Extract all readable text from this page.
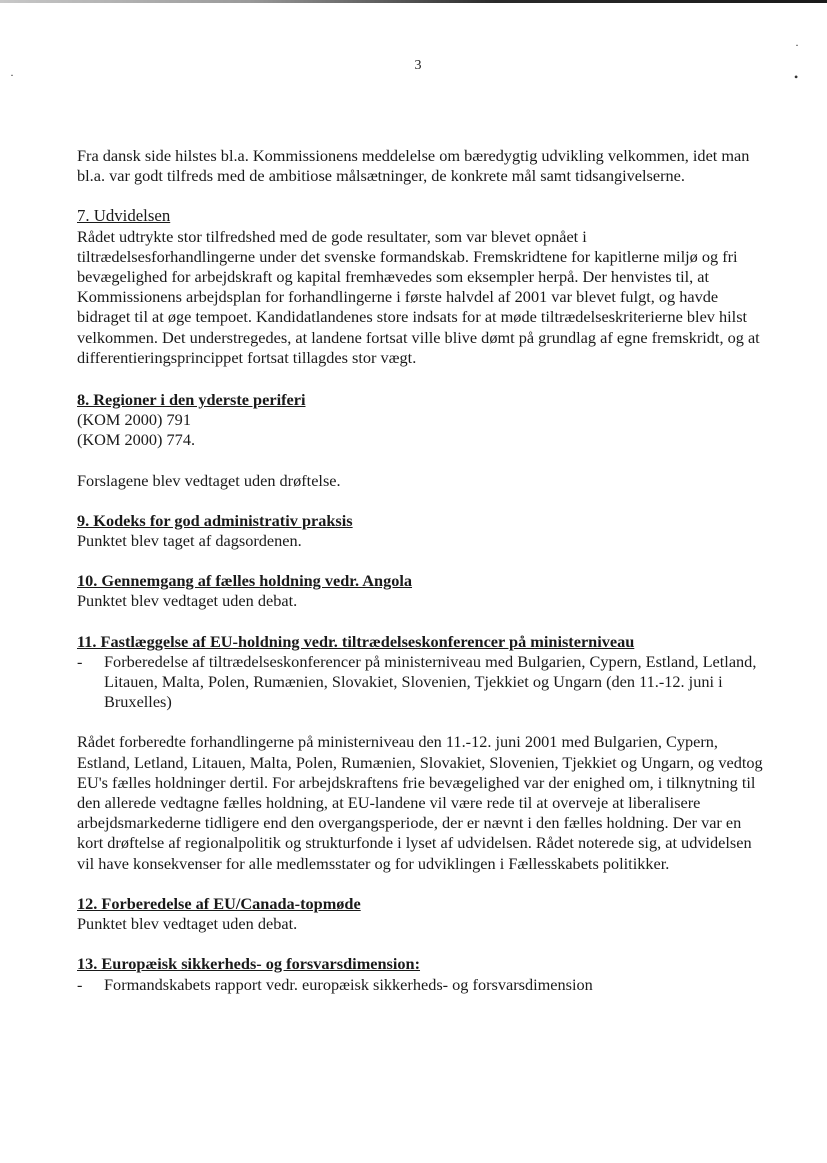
·
•
·
3

Fra dansk side hilstes bl.a. Kommissionens meddelelse om bæredygtig udvikling velkommen, idet man bl.a. var godt tilfreds med de ambitiose målsætninger, de konkrete mål samt tidsangivelserne.

7. Udvidelsen

Rådet udtrykte stor tilfredshed med de gode resultater, som var blevet opnået i tiltrædelsesforhandlingerne under det svenske formandskab. Fremskridtene for kapitlerne miljø og fri bevægelighed for arbejdskraft og kapital fremhævedes som eksempler herpå. Der henvistes til, at Kommissionens arbejdsplan for forhandlingerne i første halvdel af 2001 var blevet fulgt, og havde bidraget til at øge tempoet. Kandidatlandenes store indsats for at møde tiltrædelseskriterierne blev hilst velkommen. Det understregedes, at landene fortsat ville blive dømt på grundlag af egne fremskridt, og at differentieringsprincippet fortsat tillagdes stor vægt.

8. Regioner i den yderste periferi

(KOM 2000) 791

(KOM 2000) 774.

Forslagene blev vedtaget uden drøftelse.

9. Kodeks for god administrativ praksis

Punktet blev taget af dagsordenen.

10. Gennemgang af fælles holdning vedr. Angola

Punktet blev vedtaget uden debat.

11. Fastlæggelse af EU-holdning vedr. tiltrædelseskonferencer på ministerniveau

-	Forberedelse af tiltrædelseskonferencer på ministerniveau med Bulgarien, Cypern, Estland, Letland, Litauen, Malta, Polen, Rumænien, Slovakiet, Slovenien, Tjekkiet og Ungarn (den 11.-12. juni i Bruxelles)

Rådet forberedte forhandlingerne på ministerniveau den 11.-12. juni 2001 med Bulgarien, Cypern, Estland, Letland, Litauen, Malta, Polen, Rumænien, Slovakiet, Slovenien, Tjekkiet og Ungarn, og vedtog EU's fælles holdninger dertil. For arbejdskraftens frie bevægelighed var der enighed om, i tilknytning til den allerede vedtagne fælles holdning, at EU-landene vil være rede til at overveje at liberalisere arbejdsmarkederne tidligere end den overgangsperiode, der er nævnt i den fælles holdning. Der var en kort drøftelse af regionalpolitik og strukturfonde i lyset af udvidelsen. Rådet noterede sig, at udvidelsen vil have konsekvenser for alle medlemsstater og for udviklingen i Fællesskabets politikker.

12. Forberedelse af EU/Canada-topmøde

Punktet blev vedtaget uden debat.

13. Europæisk sikkerheds- og forsvarsdimension:

-	Formandskabets rapport vedr. europæisk sikkerheds- og forsvarsdimension
